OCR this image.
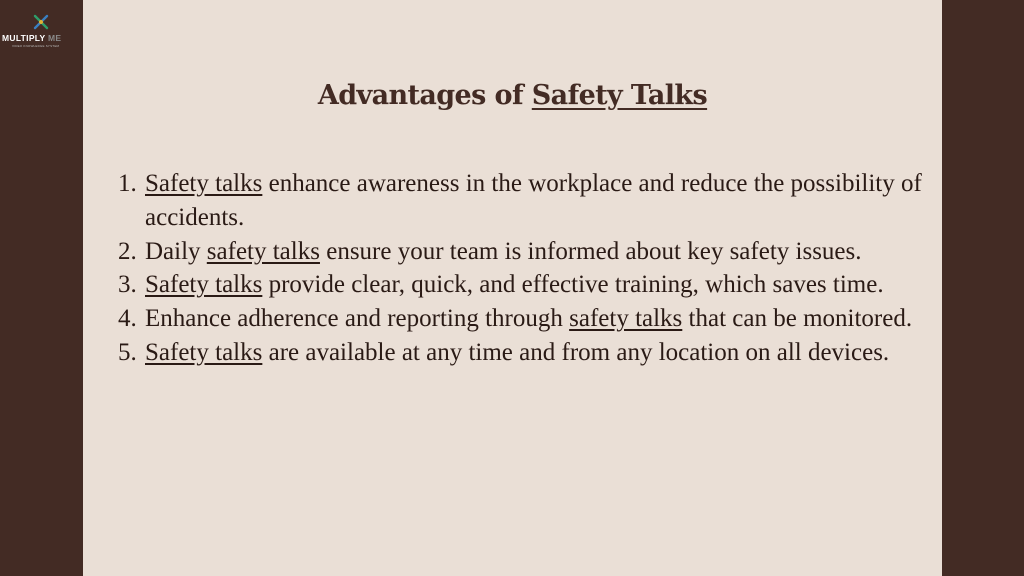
MULTIPLY ME
VIDEO KNOWLEDGE SYSTEM
Advantages of Safety Talks
1. Safety talks enhance awareness in the workplace and reduce the possibility of accidents.
2. Daily safety talks ensure your team is informed about key safety issues.
3. Safety talks provide clear, quick, and effective training, which saves time.
4. Enhance adherence and reporting through safety talks that can be monitored.
5. Safety talks are available at any time and from any location on all devices.
